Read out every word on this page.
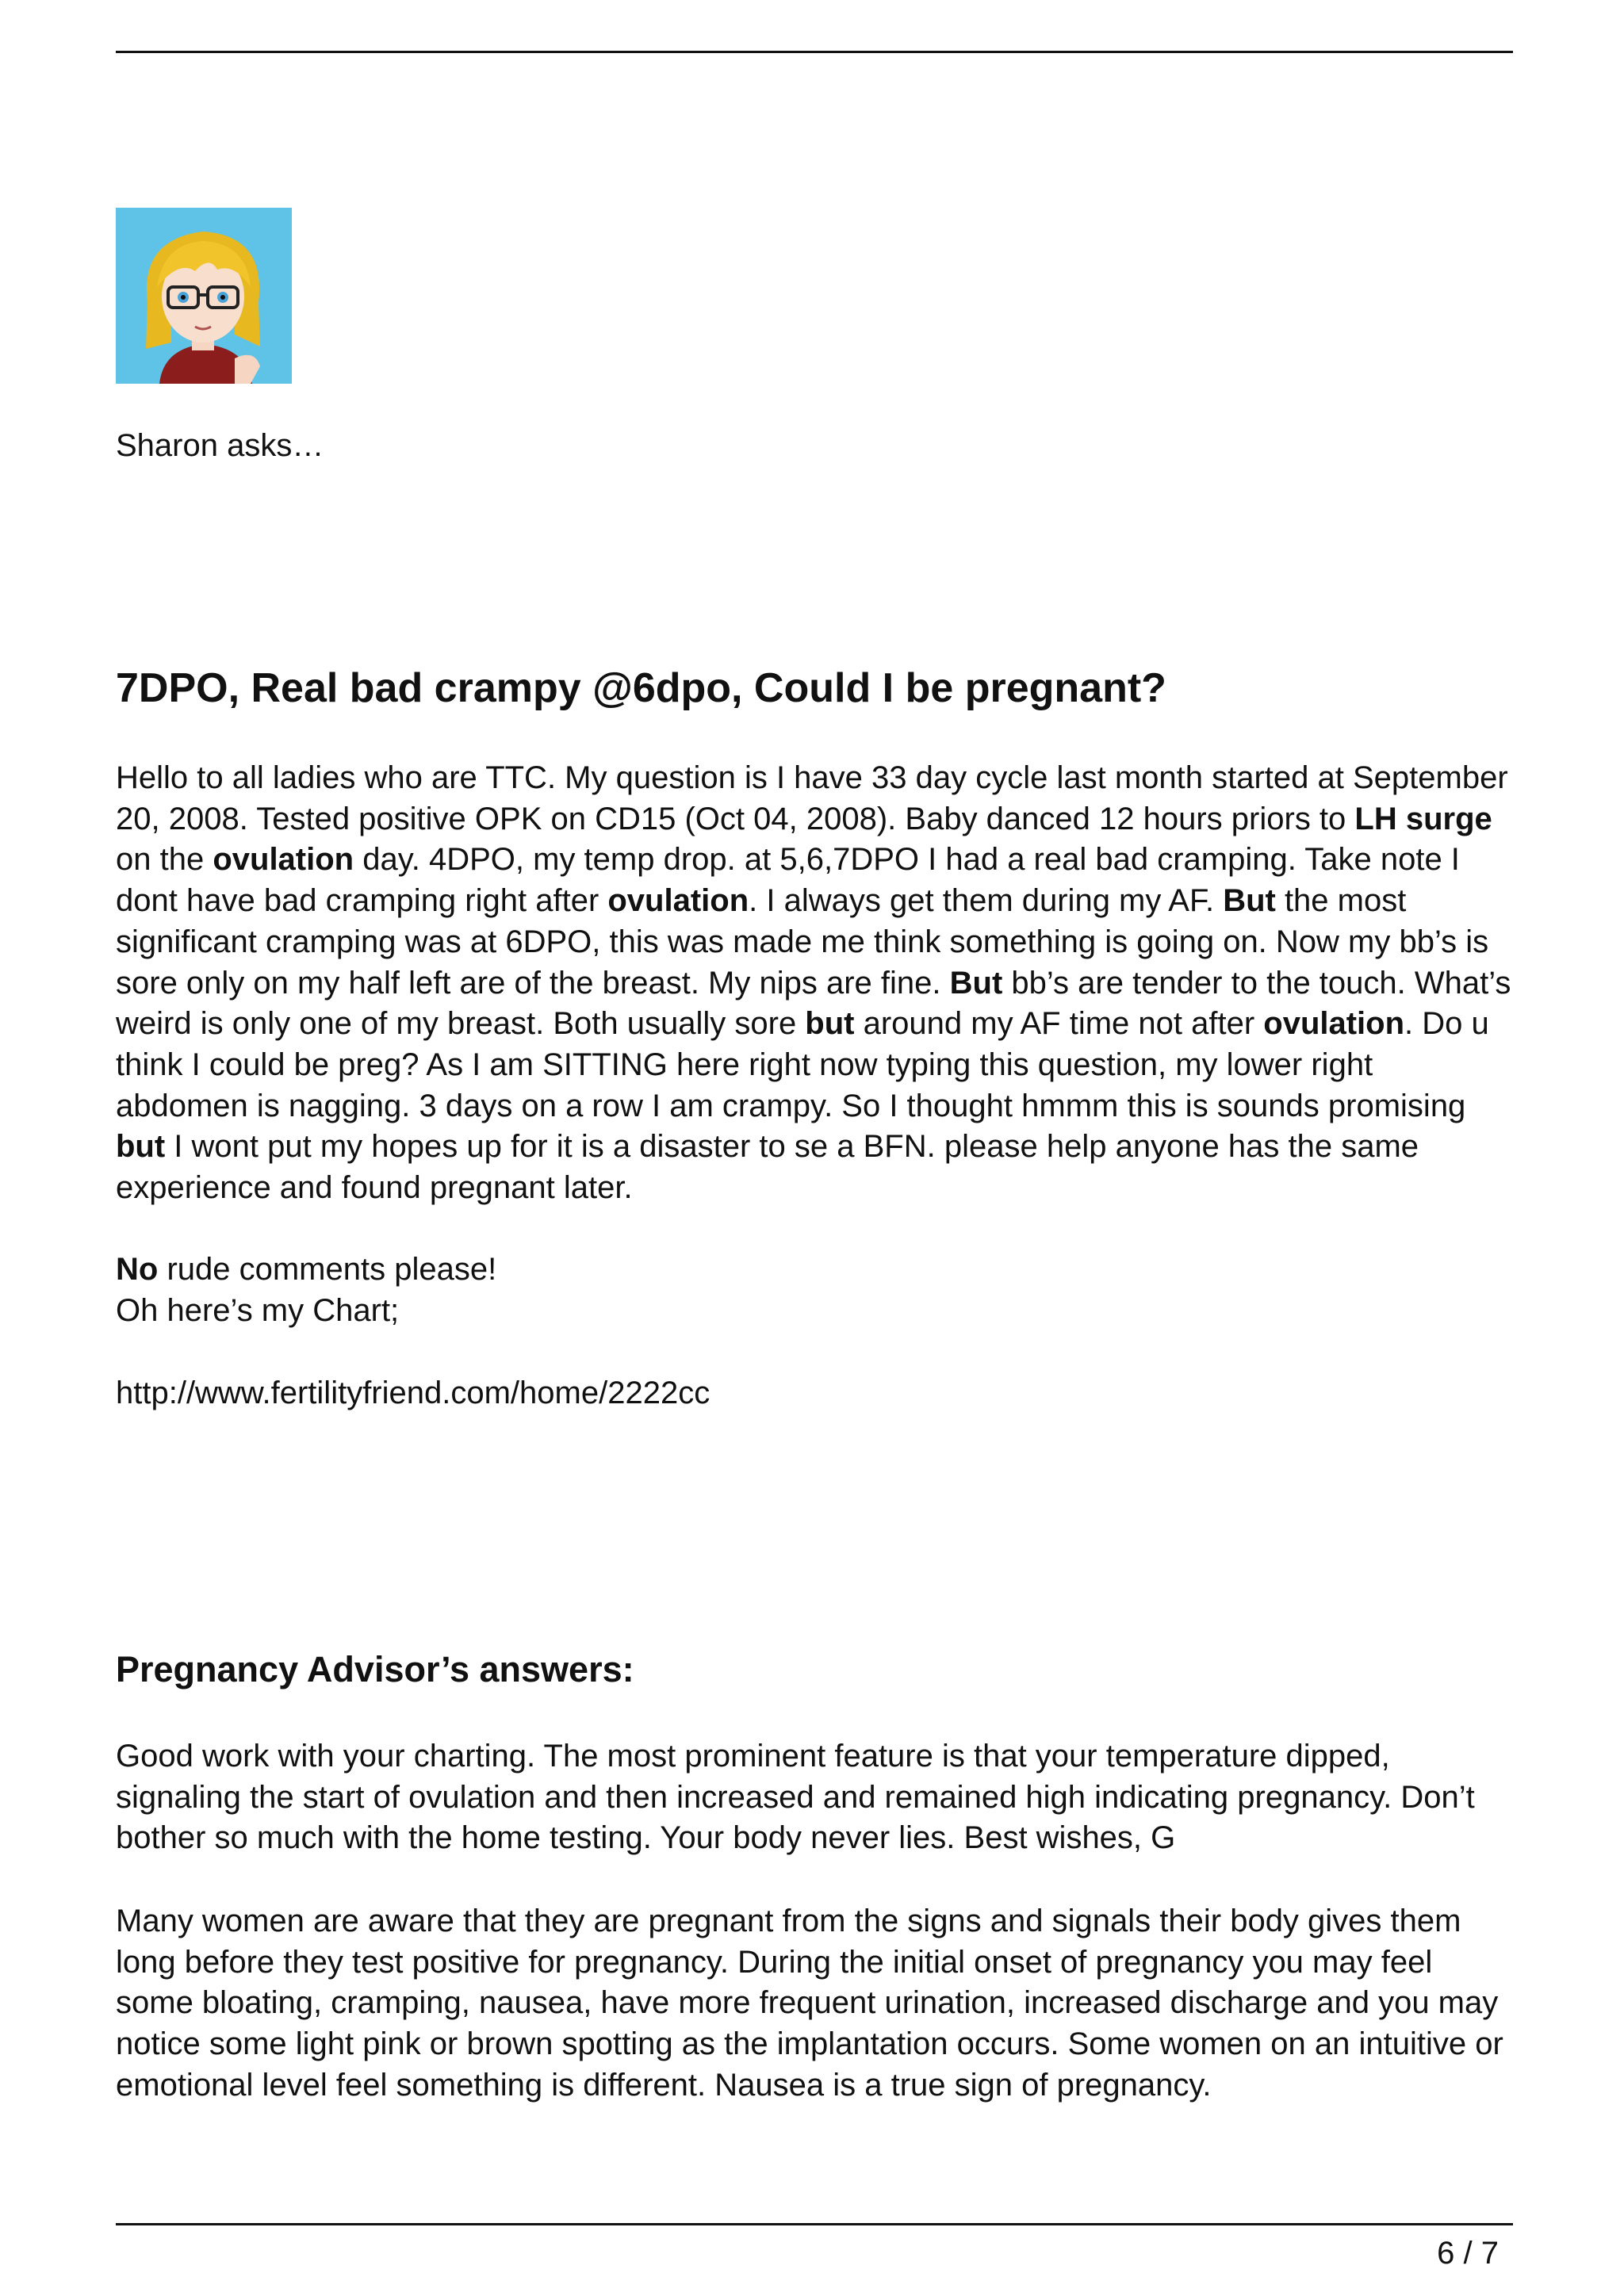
Sharon asks…
7DPO, Real bad crampy @6dpo, Could I be pregnant?

Hello to all ladies who are TTC. My question is I have 33 day cycle last month started at September 20, 2008. Tested positive OPK on CD15 (Oct 04, 2008). Baby danced 12 hours priors to LH surge on the ovulation day. 4DPO, my temp drop. at 5,6,7DPO I had a real bad cramping. Take note I dont have bad cramping right after ovulation. I always get them during my AF. But the most significant cramping was at 6DPO, this was made me think something is going on. Now my bb’s is sore only on my half left are of the breast. My nips are fine. But bb’s are tender to the touch. What’s weird is only one of my breast. Both usually sore but around my AF time not after ovulation. Do u think I could be preg? As I am SITTING here right now typing this question, my lower right abdomen is nagging. 3 days on a row I am crampy. So I thought hmmm this is sounds promising but I wont put my hopes up for it is a disaster to se a BFN. please help anyone has the same experience and found pregnant later.

No rude comments please!
Oh here’s my Chart;

http://www.fertilityfriend.com/home/2222cc

Pregnancy Advisor’s answers:

Good work with your charting. The most prominent feature is that your temperature dipped, signaling the start of ovulation and then increased and remained high indicating pregnancy. Don’t bother so much with the home testing. Your body never lies. Best wishes, G

Many women are aware that they are pregnant from the signs and signals their body gives them long before they test positive for pregnancy. During the initial onset of pregnancy you may feel some bloating, cramping, nausea, have more frequent urination, increased discharge and you may notice some light pink or brown spotting as the implantation occurs. Some women on an intuitive or emotional level feel something is different. Nausea is a true sign of pregnancy.

6 / 7
